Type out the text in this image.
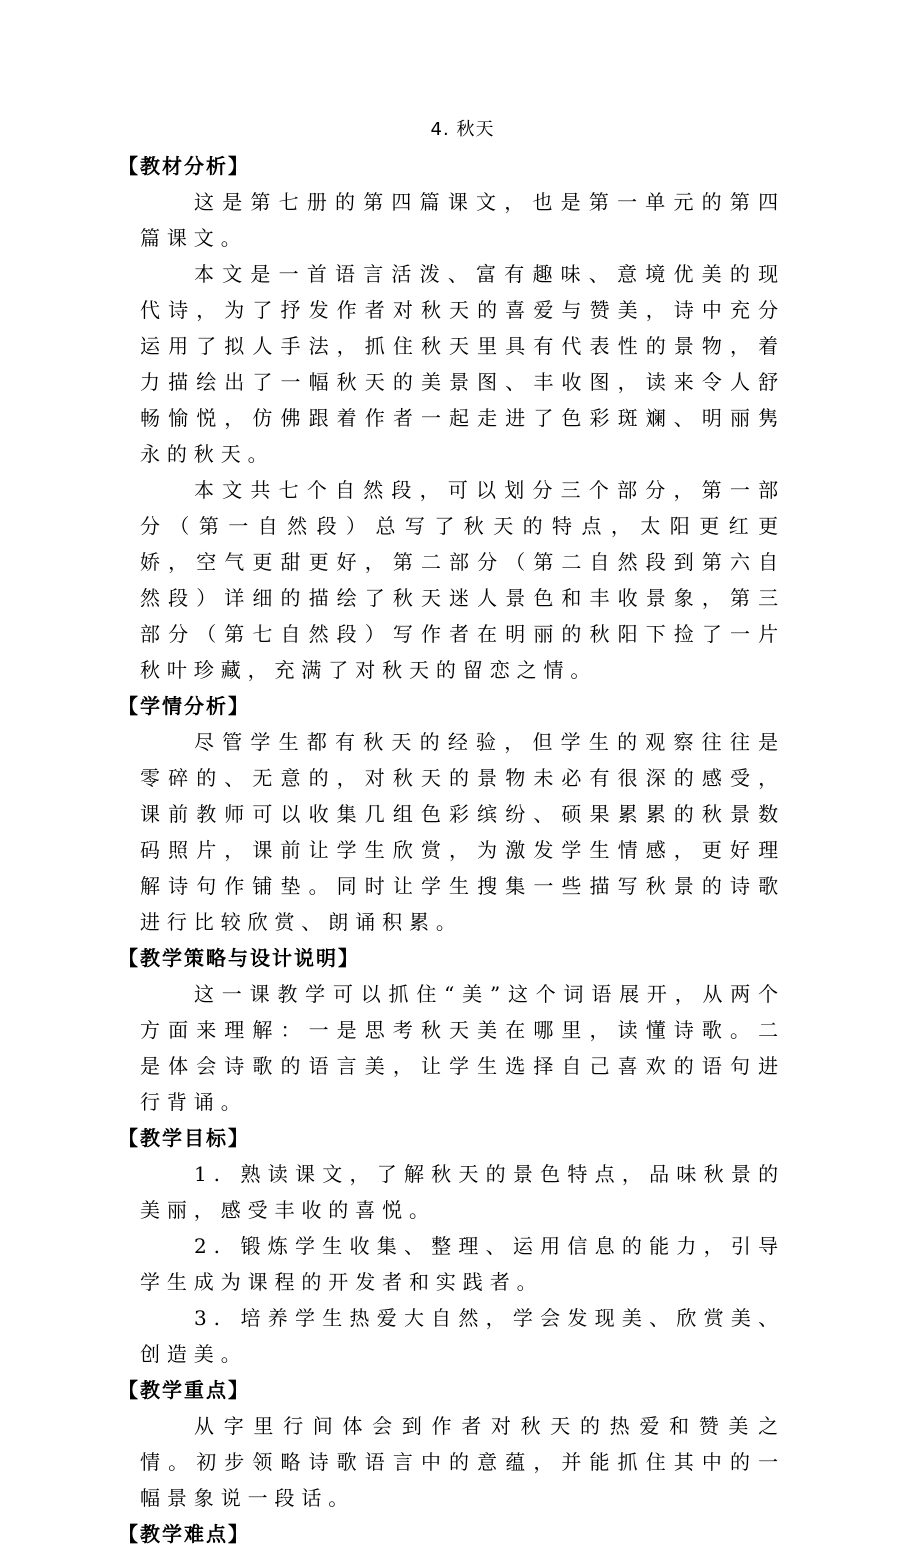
4. 秋天

【教材分析】

这是第七册的第四篇课文，也是第一单元的第四篇课文。

本文是一首语言活泼、富有趣味、意境优美的现代诗，为了抒发作者对秋天的喜爱与赞美，诗中充分运用了拟人手法，抓住秋天里具有代表性的景物，着力描绘出了一幅秋天的美景图、丰收图，读来令人舒畅愉悦，仿佛跟着作者一起走进了色彩斑斓、明丽隽永的秋天。

本文共七个自然段，可以划分三个部分，第一部分（第一自然段）总写了秋天的特点，太阳更红更娇，空气更甜更好，第二部分（第二自然段到第六自然段）详细的描绘了秋天迷人景色和丰收景象，第三部分（第七自然段）写作者在明丽的秋阳下捡了一片秋叶珍藏，充满了对秋天的留恋之情。

【学情分析】

尽管学生都有秋天的经验，但学生的观察往往是零碎的、无意的，对秋天的景物未必有很深的感受，课前教师可以收集几组色彩缤纷、硕果累累的秋景数码照片，课前让学生欣赏，为激发学生情感，更好理解诗句作铺垫。同时让学生搜集一些描写秋景的诗歌进行比较欣赏、朗诵积累。

【教学策略与设计说明】

这一课教学可以抓住“美”这个词语展开，从两个方面来理解：一是思考秋天美在哪里，读懂诗歌。二是体会诗歌的语言美，让学生选择自己喜欢的语句进行背诵。

【教学目标】

1. 熟读课文，了解秋天的景色特点，品味秋景的美丽，感受丰收的喜悦。

2. 锻炼学生收集、整理、运用信息的能力，引导学生成为课程的开发者和实践者。

3. 培养学生热爱大自然，学会发现美、欣赏美、创造美。

【教学重点】

从字里行间体会到作者对秋天的热爱和赞美之情。初步领略诗歌语言中的意蕴，并能抓住其中的一幅景象说一段话。

【教学难点】
